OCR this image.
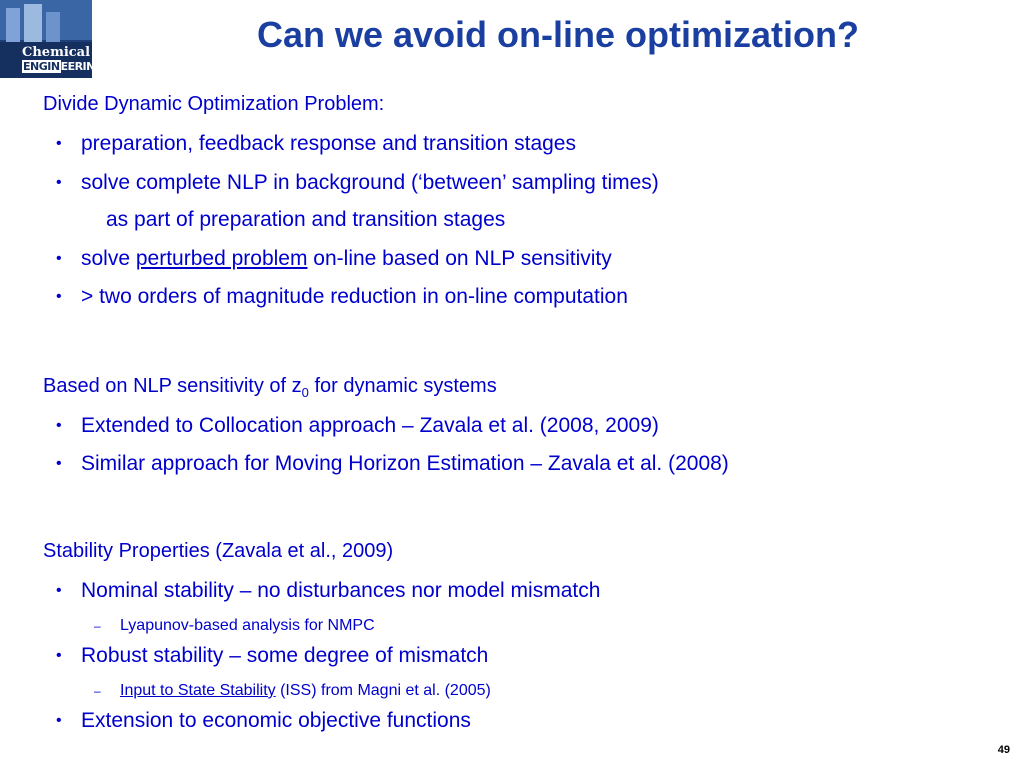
Chemical
ENGINEERING
Can we avoid on-line optimization?
Divide Dynamic Optimization Problem:
• preparation, feedback response and transition stages
• solve complete NLP in background (‘between’ sampling times)
as part of preparation and transition stages
• solve perturbed problem on-line based on NLP sensitivity
• > two orders of magnitude reduction in on-line computation
Based on NLP sensitivity of $z_0$ for dynamic systems
• Extended to Collocation approach – Zavala et al. (2008, 2009)
• Similar approach for Moving Horizon Estimation – Zavala et al. (2008)
Stability Properties (Zavala et al., 2009)
• Nominal stability – no disturbances nor model mismatch
– Lyapunov-based analysis for NMPC
• Robust stability – some degree of mismatch
– Input to State Stability (ISS) from Magni et al. (2005)
• Extension to economic objective functions
49
